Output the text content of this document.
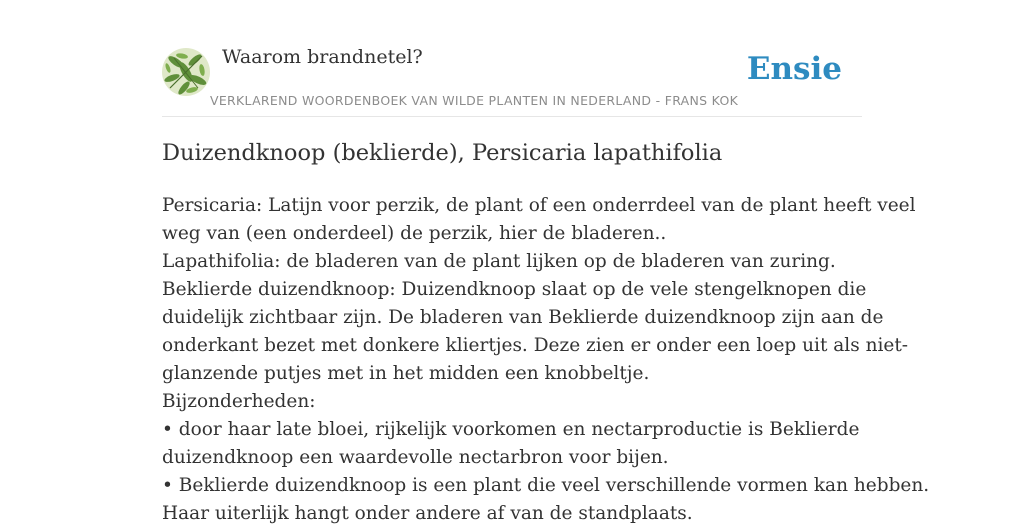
Waarom brandnetel?
VERKLAREND WOORDENBOEK VAN WILDE PLANTEN IN NEDERLAND - FRANS KOK
Ensie
Duizendknoop (beklierde), Persicaria lapathifolia
Persicaria: Latijn voor perzik, de plant of een onderrdeel van de plant heeft veel
weg van (een onderdeel) de perzik, hier de bladeren..
Lapathifolia: de bladeren van de plant lijken op de bladeren van zuring.
Beklierde duizendknoop: Duizendknoop slaat op de vele stengelknopen die
duidelijk zichtbaar zijn. De bladeren van Beklierde duizendknoop zijn aan de
onderkant bezet met donkere kliertjes. Deze zien er onder een loep uit als niet-
glanzende putjes met in het midden een knobbeltje.
Bijzonderheden:
• door haar late bloei, rijkelijk voorkomen en nectarproductie is Beklierde
duizendknoop een waardevolle nectarbron voor bijen.
• Beklierde duizendknoop is een plant die veel verschillende vormen kan hebben.
Haar uiterlijk hangt onder andere af van de standplaats.
